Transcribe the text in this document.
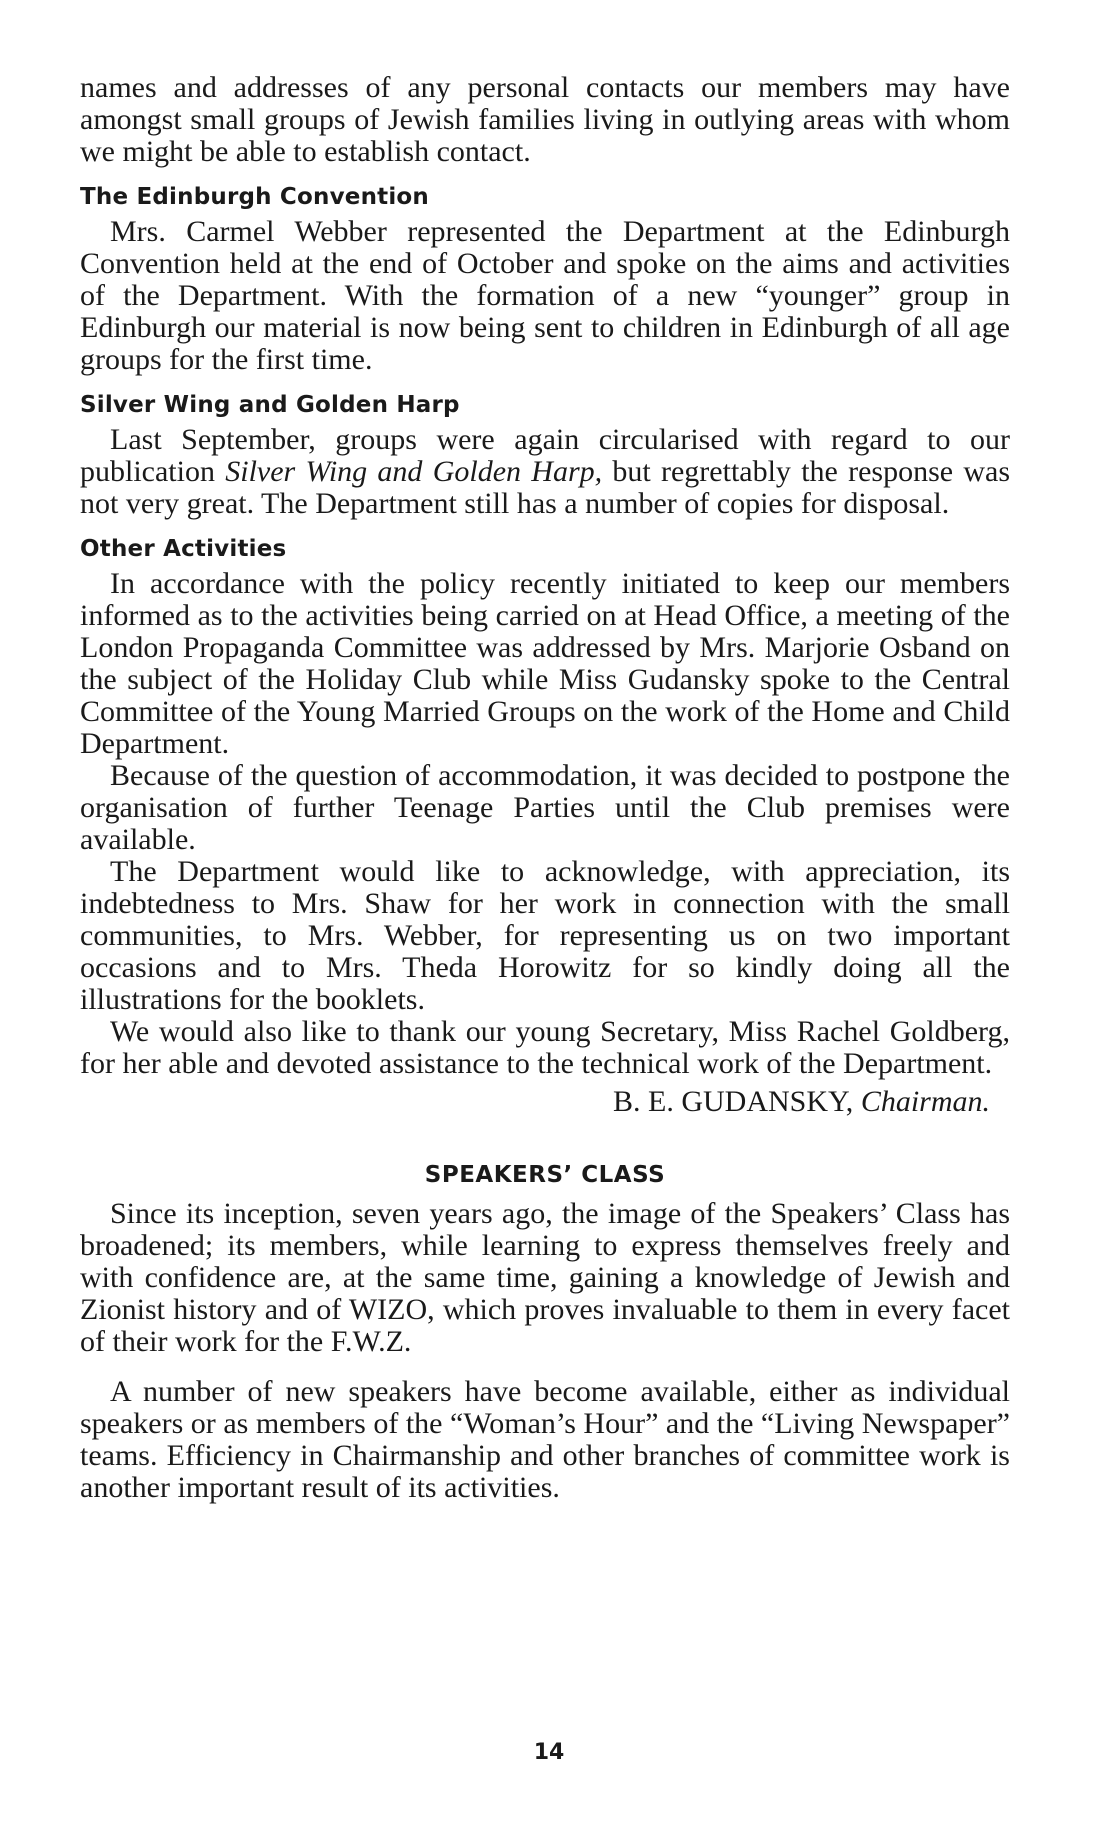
names and addresses of any personal contacts our members may have amongst small groups of Jewish families living in outlying areas with whom we might be able to establish contact.

The Edinburgh Convention

Mrs. Carmel Webber represented the Department at the Edinburgh Convention held at the end of October and spoke on the aims and activities of the Department. With the formation of a new “younger” group in Edinburgh our material is now being sent to children in Edinburgh of all age groups for the first time.

Silver Wing and Golden Harp

Last September, groups were again circularised with regard to our publication Silver Wing and Golden Harp, but regrettably the response was not very great. The Department still has a number of copies for disposal.

Other Activities

In accordance with the policy recently initiated to keep our members informed as to the activities being carried on at Head Office, a meeting of the London Propaganda Committee was addressed by Mrs. Marjorie Osband on the subject of the Holiday Club while Miss Gudansky spoke to the Central Committee of the Young Married Groups on the work of the Home and Child Department.

Because of the question of accommodation, it was decided to postpone the organisation of further Teenage Parties until the Club premises were available.

The Department would like to acknowledge, with appreciation, its indebtedness to Mrs. Shaw for her work in connection with the small communities, to Mrs. Webber, for representing us on two important occasions and to Mrs. Theda Horowitz for so kindly doing all the illustrations for the booklets.

We would also like to thank our young Secretary, Miss Rachel Goldberg, for her able and devoted assistance to the technical work of the Department.

B. E. GUDANSKY, Chairman.

SPEAKERS’ CLASS

Since its inception, seven years ago, the image of the Speakers’ Class has broadened; its members, while learning to express themselves freely and with confidence are, at the same time, gaining a knowledge of Jewish and Zionist history and of WIZO, which proves invaluable to them in every facet of their work for the F.W.Z.

A number of new speakers have become available, either as individual speakers or as members of the “Woman’s Hour” and the “Living Newspaper” teams. Efficiency in Chairmanship and other branches of committee work is another important result of its activities.

14
